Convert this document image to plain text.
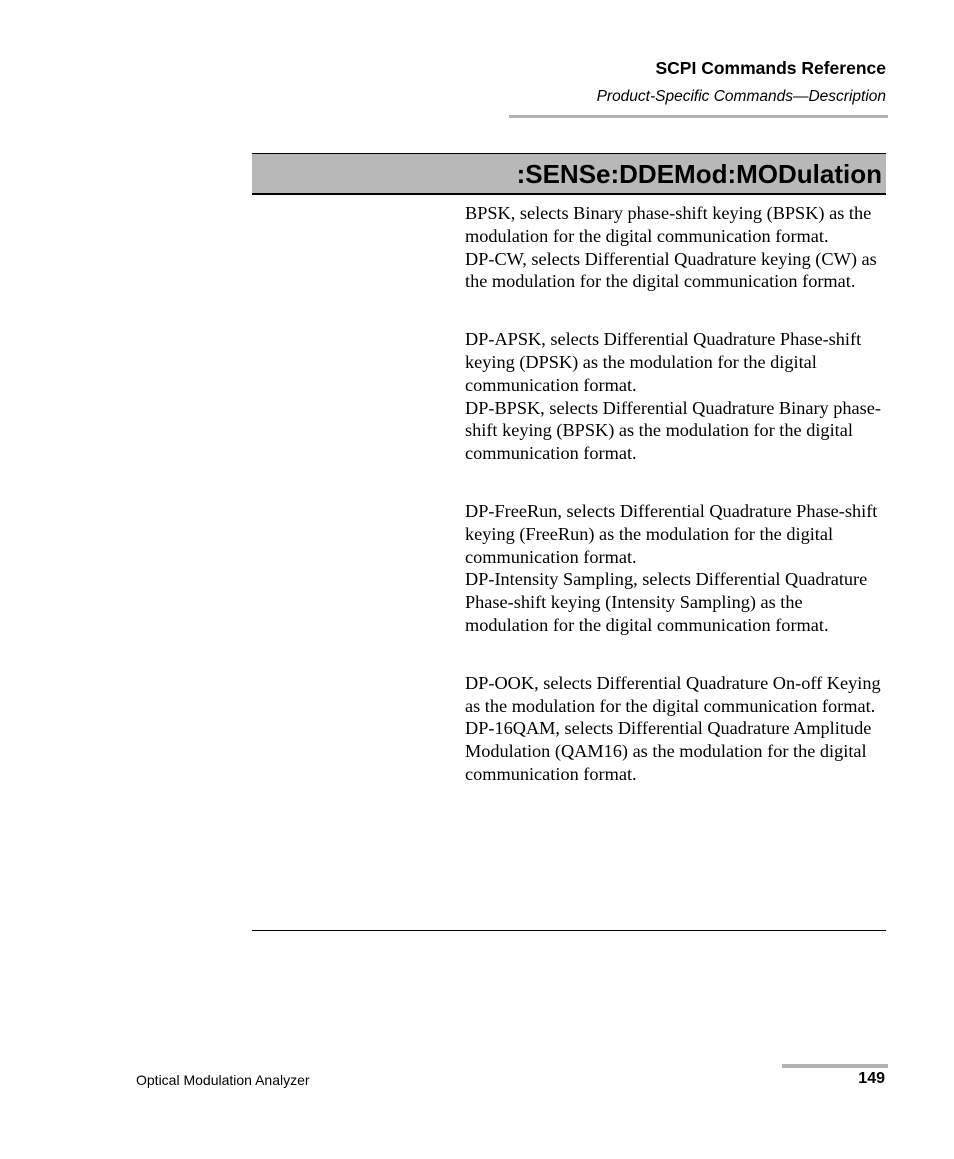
SCPI Commands Reference
Product-Specific Commands—Description
:SENSe:DDEMod:MODulation

BPSK, selects Binary phase-shift keying (BPSK) as the modulation for the digital communication format.

DP-CW, selects Differential Quadrature keying (CW) as the modulation for the digital communication format.

DP-APSK, selects Differential Quadrature Phase-shift keying (DPSK) as the modulation for the digital communication format.

DP-BPSK, selects Differential Quadrature Binary phase-shift keying (BPSK) as the modulation for the digital communication format.

DP-FreeRun, selects Differential Quadrature Phase-shift keying (FreeRun) as the modulation for the digital communication format.

DP-Intensity Sampling, selects Differential Quadrature Phase-shift keying (Intensity Sampling) as the modulation for the digital communication format.

DP-OOK, selects Differential Quadrature On-off Keying as the modulation for the digital communication format.

DP-16QAM, selects Differential Quadrature Amplitude Modulation (QAM16) as the modulation for the digital communication format.

Optical Modulation Analyzer	149
